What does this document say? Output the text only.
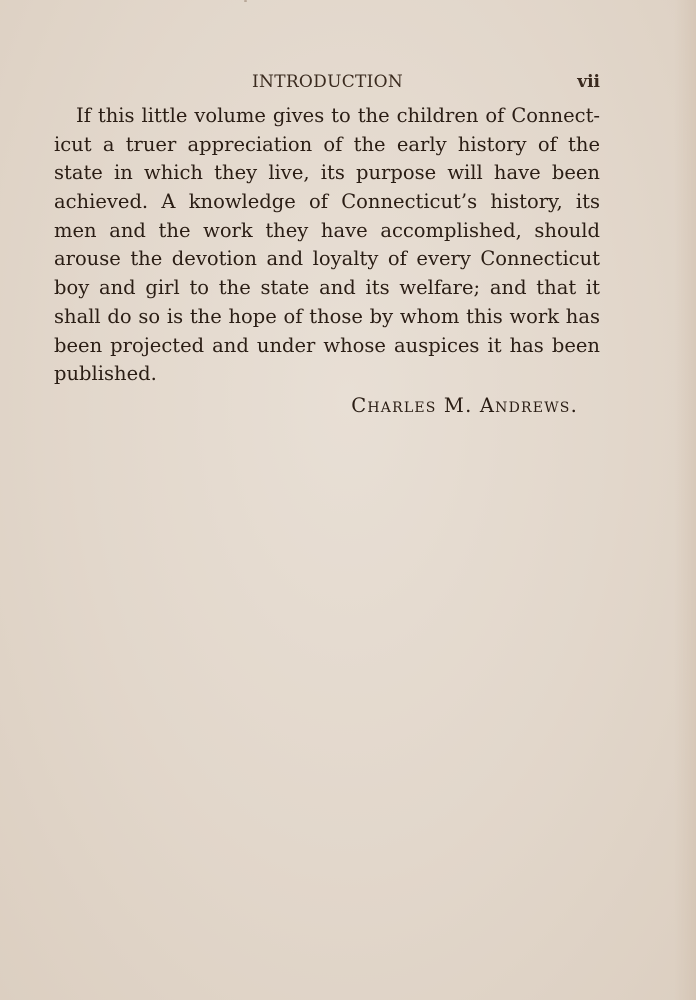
INTRODUCTION	vii
If this little volume gives to the children of Connect-
icut a truer appreciation of the early history of the
state in which they live, its purpose will have been
achieved. A knowledge of Connecticut’s history, its
men and the work they have accomplished, should
arouse the devotion and loyalty of every Connecticut
boy and girl to the state and its welfare; and that it
shall do so is the hope of those by whom this work has
been projected and under whose auspices it has been
published.
Charles M. Andrews.
